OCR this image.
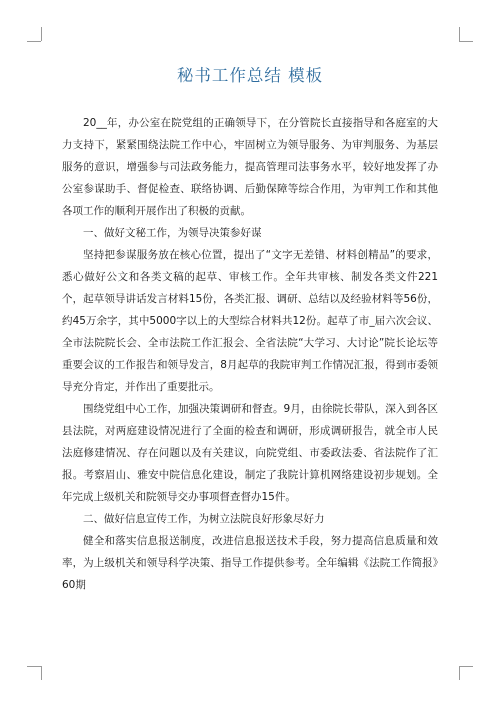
秘书工作总结 模板

20__年，办公室在院党组的正确领导下，在分管院长直接指导和各庭室的大力支持下，紧紧围绕法院工作中心，牢固树立为领导服务、为审判服务、为基层服务的意识，增强参与司法政务能力，提高管理司法事务水平，较好地发挥了办公室参谋助手、督促检查、联络协调、后勤保障等综合作用，为审判工作和其他各项工作的顺利开展作出了积极的贡献。

一、做好文秘工作，为领导决策参好谋

坚持把参谋服务放在核心位置，提出了“文字无差错、材料创精品”的要求，悉心做好公文和各类文稿的起草、审核工作。全年共审核、制发各类文件221个，起草领导讲话发言材料15份，各类汇报、调研、总结以及经验材料等56份，约45万余字，其中5000字以上的大型综合材料共12份。起草了市_届六次会议、全市法院院长会、全市法院工作汇报会、全省法院“大学习、大讨论”院长论坛等重要会议的工作报告和领导发言，8月起草的我院审判工作情况汇报，得到市委领导充分肯定，并作出了重要批示。

围绕党组中心工作，加强决策调研和督查。9月，由徐院长带队，深入到各区县法院，对两庭建设情况进行了全面的检查和调研，形成调研报告，就全市人民法庭修建情况、存在问题以及有关建议，向院党组、市委政法委、省法院作了汇报。考察眉山、雅安中院信息化建设，制定了我院计算机网络建设初步规划。全年完成上级机关和院领导交办事项督查督办15件。

二、做好信息宣传工作，为树立法院良好形象尽好力

健全和落实信息报送制度，改进信息报送技术手段，努力提高信息质量和效率，为上级机关和领导科学决策、指导工作提供参考。全年编辑《法院工作简报》60期
